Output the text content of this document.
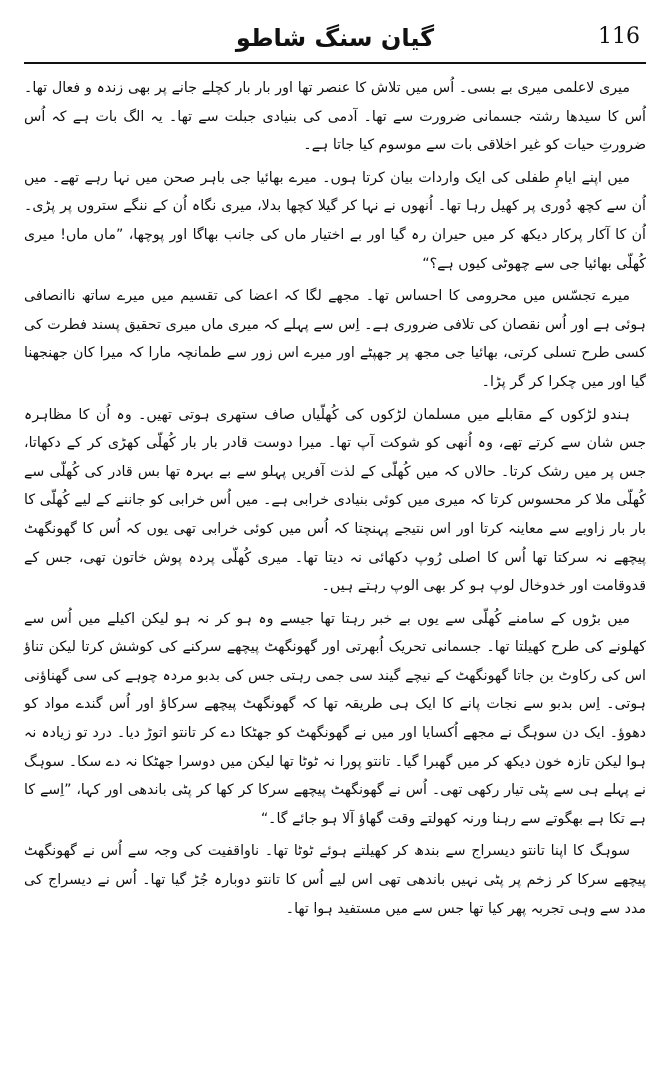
گیان سنگ شاطو	116

میری لاعلمی میری بے بسی۔ اُس میں تلاش کا عنصر تھا اور بار بار کچلے جانے پر بھی زندہ و فعال تھا۔ اُس کا سیدھا رشتہ جسمانی ضرورت سے تھا۔ آدمی کی بنیادی جبلت سے تھا۔ یہ الگ بات ہے کہ اُس ضرورتِ حیات کو غیر اخلاقی بات سے موسوم کیا جاتا ہے۔

میں اپنے ایامِ طفلی کی ایک واردات بیان کرتا ہوں۔ میرے بھائیا جی باہر صحن میں نہا رہے تھے۔ میں اُن سے کچھ دُوری پر کھیل رہا تھا۔ اُنھوں نے نہا کر گیلا کچھا بدلا، میری نگاہ اُن کے ننگے ستروں پر پڑی۔ اُن کا آکار پرکار دیکھ کر میں حیران رہ گیا اور بے اختیار ماں کی جانب بھاگا اور پوچھا، ”ماں ماں! میری کُھلّی بھائیا جی سے چھوٹی کیوں ہے؟“

میرے تجسّس میں محرومی کا احساس تھا۔ مجھے لگا کہ اعضا کی تقسیم میں میرے ساتھ ناانصافی ہوئی ہے اور اُس نقصان کی تلافی ضروری ہے۔ اِس سے پہلے کہ میری ماں میری تحقیق پسند فطرت کی کسی طرح تسلی کرتی، بھائیا جی مجھ پر جھپٹے اور میرے اس زور سے طمانچہ مارا کہ میرا کان جھنجھنا گیا اور میں چکرا کر گر پڑا۔

ہندو لڑکوں کے مقابلے میں مسلمان لڑکوں کی کُھلّیاں صاف ستھری ہوتی تھیں۔ وہ اُن کا مظاہرہ جس شان سے کرتے تھے، وہ اُنھی کو شوکت آپ تھا۔ میرا دوست قادر بار بار کُھلّی کھڑی کر کے دکھاتا، جس پر میں رشک کرتا۔ حالاں کہ میں کُھلّی کے لذت آفریں پہلو سے بے بہرہ تھا بس قادر کی کُھلّی سے کُھلّی ملا کر محسوس کرتا کہ میری میں کوئی بنیادی خرابی ہے۔ میں اُس خرابی کو جاننے کے لیے کُھلّی کا بار بار زاویے سے معاینہ کرتا اور اس نتیجے پہنچتا کہ اُس میں کوئی خرابی تھی یوں کہ اُس کا گھونگھٹ پیچھے نہ سرکتا تھا اُس کا اصلی رُوپ دکھائی نہ دیتا تھا۔ میری کُھلّی پردہ پوش خاتون تھی، جس کے قدوقامت اور خدوخال لوپ ہو کر بھی الوپ رہتے ہیں۔

میں بڑوں کے سامنے کُھلّی سے یوں بے خبر رہتا تھا جیسے وہ ہو کر نہ ہو لیکن اکیلے میں اُس سے کھلونے کی طرح کھیلتا تھا۔ جسمانی تحریک اُبھرتی اور گھونگھٹ پیچھے سرکنے کی کوشش کرتا لیکن تناؤ اس کی رکاوٹ بن جاتا گھونگھٹ کے نیچے گیند سی جمی رہتی جس کی بدبو مردہ چوہے کی سی گھناؤنی ہوتی۔ اِس بدبو سے نجات پانے کا ایک ہی طریقہ تھا کہ گھونگھٹ پیچھے سرکاؤ اور اُس گندے مواد کو دھوؤ۔ ایک دن سوہگ نے مجھے اُکسایا اور میں نے گھونگھٹ کو جھٹکا دے کر تانتو اتوڑ دیا۔ درد تو زیادہ نہ ہوا لیکن تازہ خون دیکھ کر میں گھبرا گیا۔ تانتو پورا نہ ٹوٹا تھا لیکن میں دوسرا جھٹکا نہ دے سکا۔ سوہگ نے پہلے ہی سے پٹی تیار رکھی تھی۔ اُس نے گھونگھٹ پیچھے سرکا کر کھا کر پٹی باندھی اور کہا، ”اِسے کا ہے تکا ہے بھگوتے سے رہنا ورنہ کھولتے وقت گھاؤ آلا ہو جائے گا۔“

سوہگ کا اپنا تانتو دیسراج سے بندھ کر کھیلتے ہوئے ٹوٹا تھا۔ ناواقفیت کی وجہ سے اُس نے گھونگھٹ پیچھے سرکا کر زخم پر پٹی نہیں باندھی تھی اس لیے اُس کا تانتو دوبارہ جُڑ گیا تھا۔ اُس نے دیسراج کی مدد سے وہی تجربہ پھر کیا تھا جس سے میں مستفید ہوا تھا۔
